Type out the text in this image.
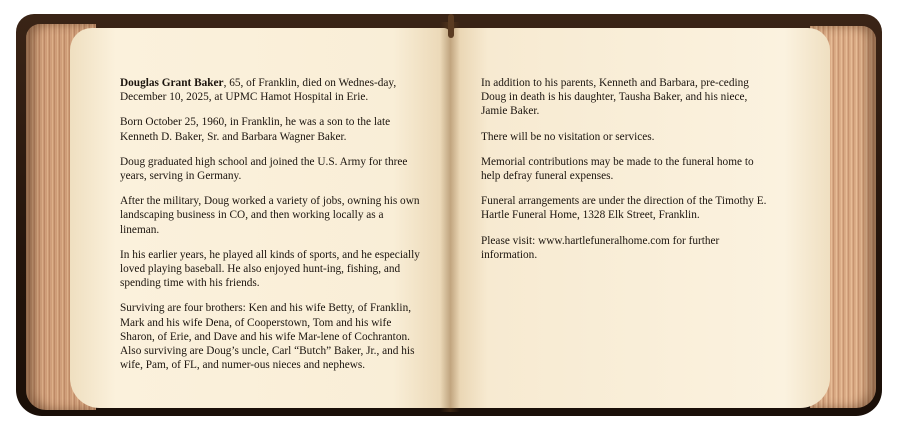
Douglas Grant Baker, 65, of Franklin, died on Wednes-day, December 10, 2025, at UPMC Hamot Hospital in Erie.

Born October 25, 1960, in Franklin, he was a son to the late Kenneth D. Baker, Sr. and Barbara Wagner Baker.

Doug graduated high school and joined the U.S. Army for three years, serving in Germany.

After the military, Doug worked a variety of jobs, owning his own landscaping business in CO, and then working locally as a lineman.

In his earlier years, he played all kinds of sports, and he especially loved playing baseball. He also enjoyed hunt-ing, fishing, and spending time with his friends.

Surviving are four brothers: Ken and his wife Betty, of Franklin, Mark and his wife Dena, of Cooperstown, Tom and his wife Sharon, of Erie, and Dave and his wife Mar-lene of Cochranton. Also surviving are Doug’s uncle, Carl “Butch” Baker, Jr., and his wife, Pam, of FL, and numer-ous nieces and nephews.

In addition to his parents, Kenneth and Barbara, pre-ceding Doug in death is his daughter, Tausha Baker, and his niece, Jamie Baker.

There will be no visitation or services.

Memorial contributions may be made to the funeral home to help defray funeral expenses.

Funeral arrangements are under the direction of the Timothy E. Hartle Funeral Home, 1328 Elk Street, Franklin.

Please visit: www.hartlefuneralhome.com for further information.
